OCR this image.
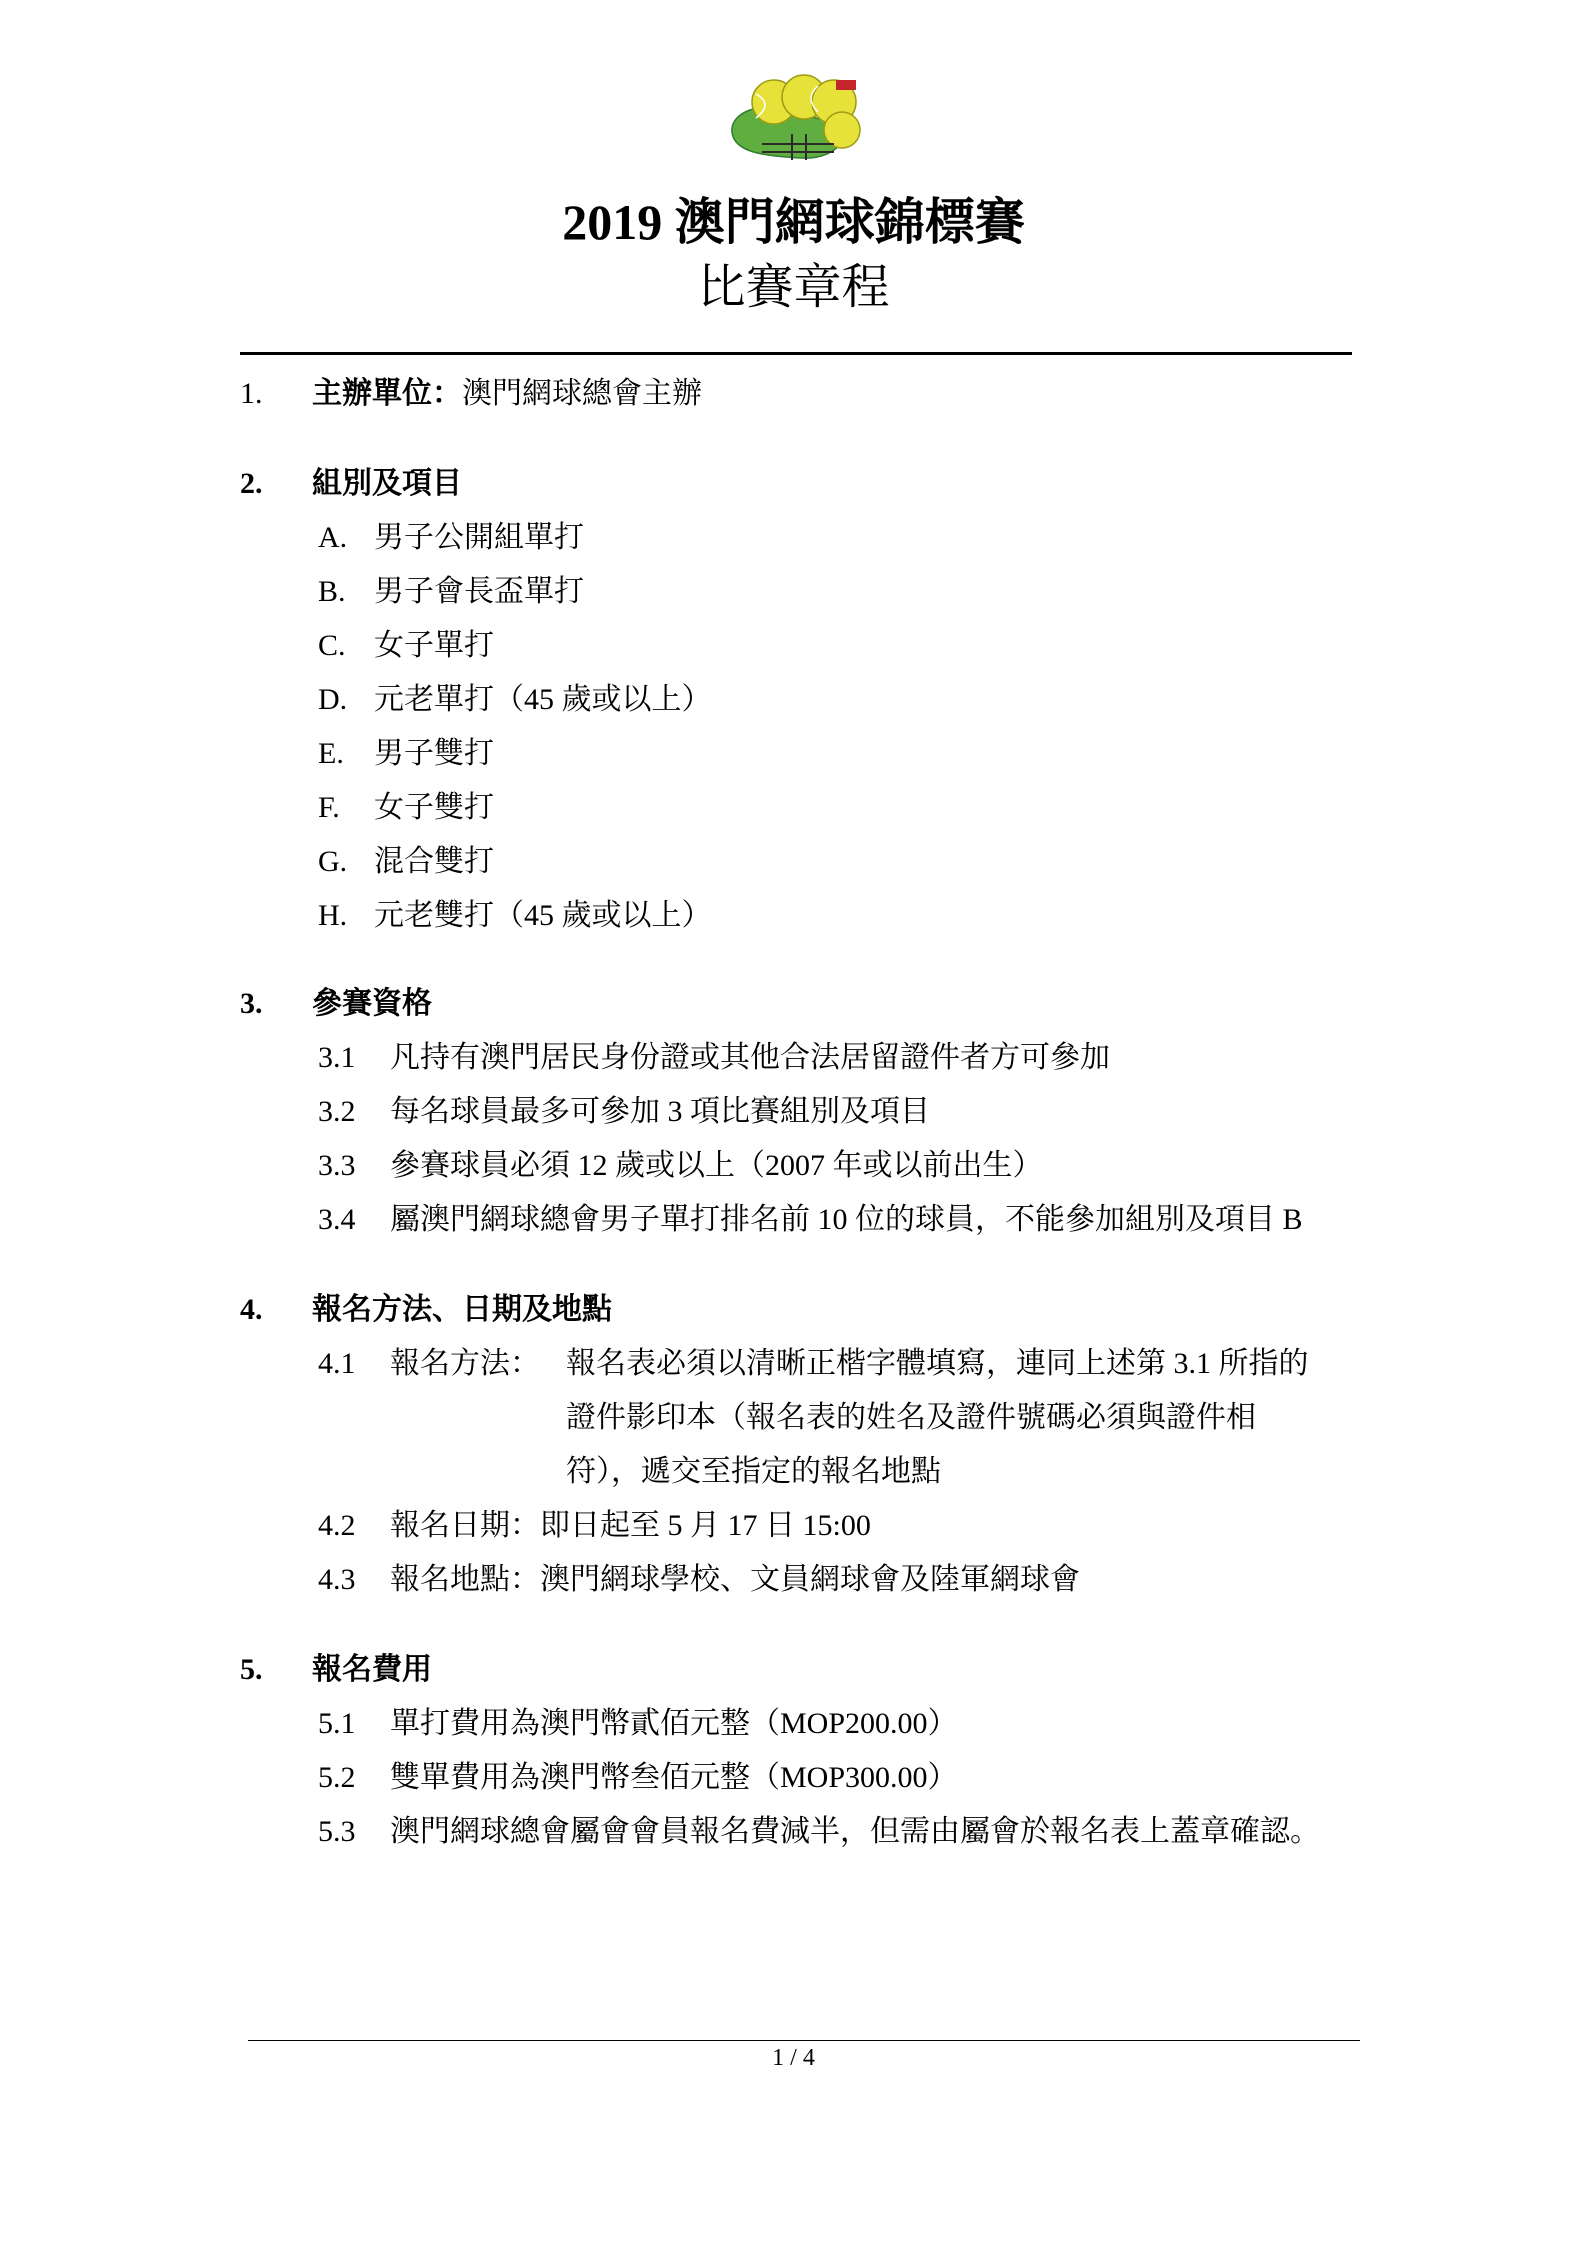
2019 澳門網球錦標賽
比賽章程
1. 主辦單位：澳門網球總會主辦
2. 組別及項目
A. 男子公開組單打
B. 男子會長盃單打
C. 女子單打
D. 元老單打（45 歲或以上）
E. 男子雙打
F. 女子雙打
G. 混合雙打
H. 元老雙打（45 歲或以上）
3. 參賽資格
3.1 凡持有澳門居民身份證或其他合法居留證件者方可參加
3.2 每名球員最多可參加 3 項比賽組別及項目
3.3 參賽球員必須 12 歲或以上（2007 年或以前出生）
3.4 屬澳門網球總會男子單打排名前 10 位的球員，不能參加組別及項目 B
4. 報名方法、日期及地點
4.1 報名方法： 報名表必須以清晰正楷字體填寫，連同上述第 3.1 所指的
證件影印本（報名表的姓名及證件號碼必須與證件相
符），遞交至指定的報名地點
4.2 報名日期：即日起至 5 月 17 日 15:00
4.3 報名地點：澳門網球學校、文員網球會及陸軍網球會
5. 報名費用
5.1 單打費用為澳門幣貳佰元整（MOP200.00）
5.2 雙單費用為澳門幣叁佰元整（MOP300.00）
5.3 澳門網球總會屬會會員報名費減半，但需由屬會於報名表上蓋章確認。
1 / 4
